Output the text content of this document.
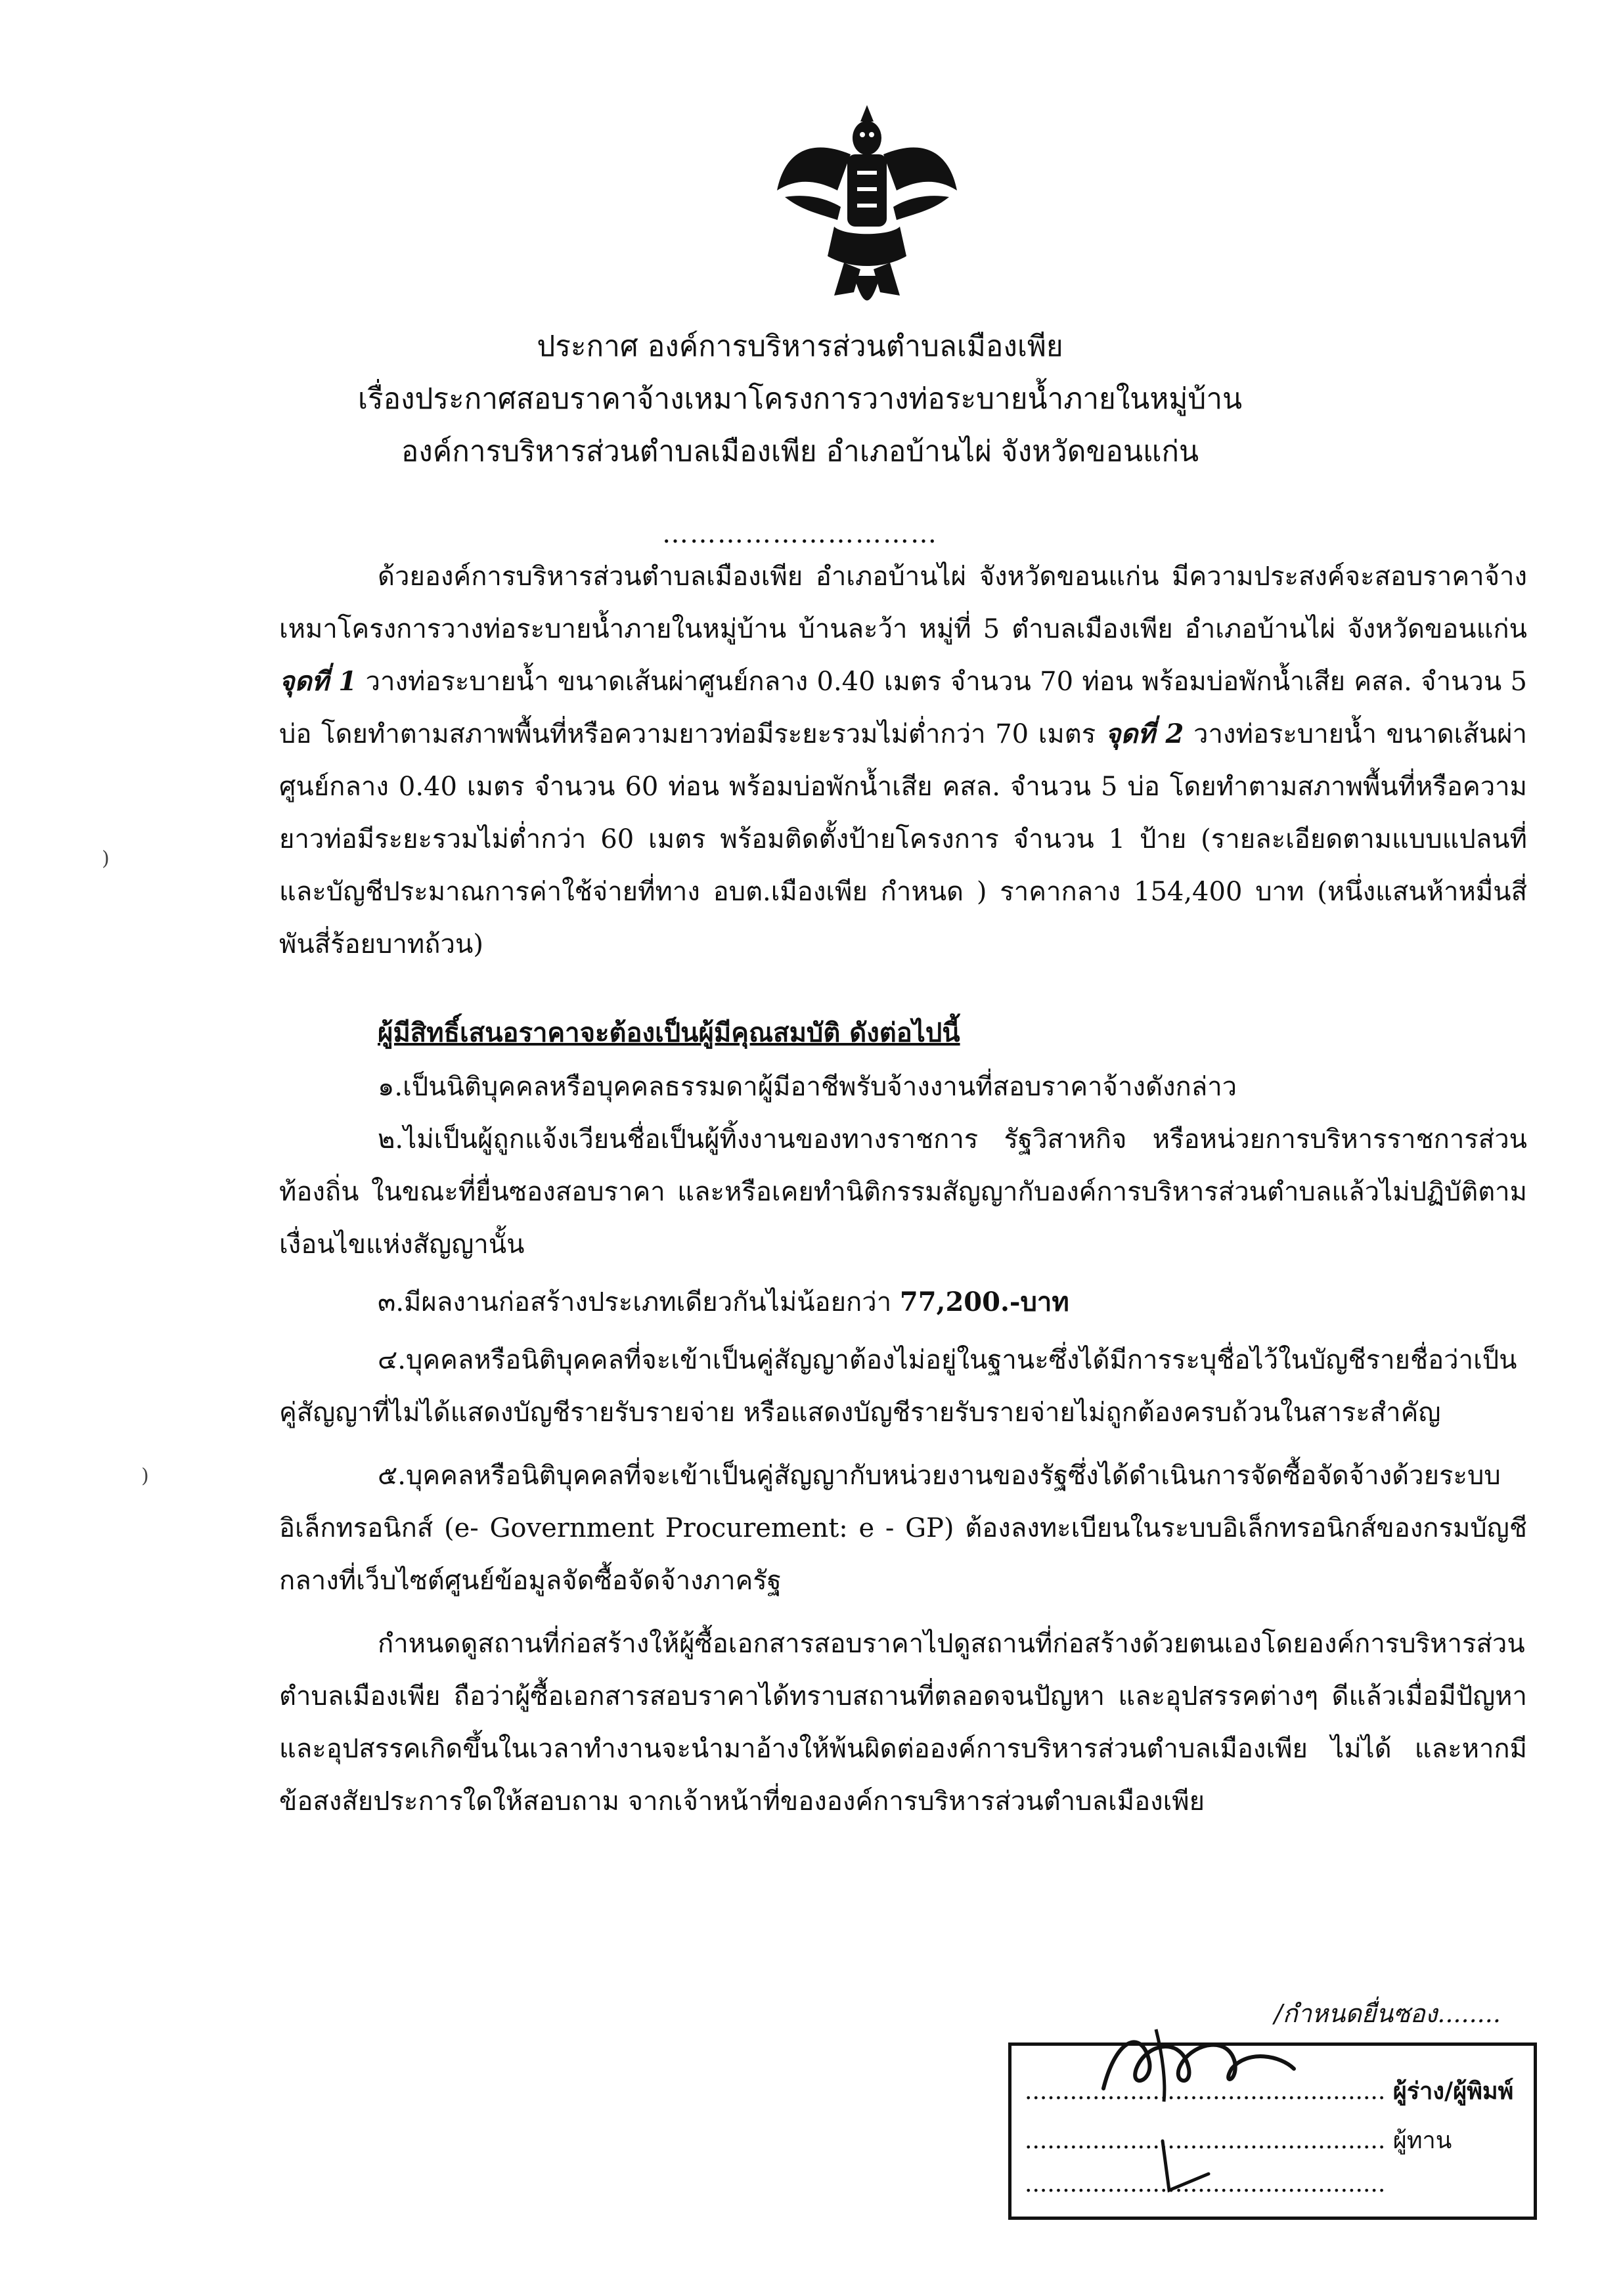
ประกาศ องค์การบริหารส่วนตำบลเมืองเพีย
เรื่องประกาศสอบราคาจ้างเหมาโครงการวางท่อระบายน้ำภายในหมู่บ้าน
องค์การบริหารส่วนตำบลเมืองเพีย อำเภอบ้านไผ่ จังหวัดขอนแก่น
…………………………

ด้วยองค์การบริหารส่วนตำบลเมืองเพีย อำเภอบ้านไผ่ จังหวัดขอนแก่น มีความประสงค์จะสอบราคาจ้างเหมาโครงการวางท่อระบายน้ำภายในหมู่บ้าน บ้านละว้า หมู่ที่ 5 ตำบลเมืองเพีย อำเภอบ้านไผ่ จังหวัดขอนแก่น จุดที่ 1 วางท่อระบายน้ำ ขนาดเส้นผ่าศูนย์กลาง 0.40 เมตร จำนวน 70 ท่อน พร้อมบ่อพักน้ำเสีย คสล. จำนวน 5 บ่อ โดยทำตามสภาพพื้นที่หรือความยาวท่อมีระยะรวมไม่ต่ำกว่า 70 เมตร จุดที่ 2 วางท่อระบายน้ำ ขนาดเส้นผ่าศูนย์กลาง 0.40 เมตร จำนวน 60 ท่อน พร้อมบ่อพักน้ำเสีย คสล. จำนวน 5 บ่อ โดยทำตามสภาพพื้นที่หรือความยาวท่อมีระยะรวมไม่ต่ำกว่า 60 เมตร พร้อมติดตั้งป้ายโครงการ จำนวน 1 ป้าย (รายละเอียดตามแบบแปลนที่ และบัญชีประมาณการค่าใช้จ่ายที่ทาง อบต.เมืองเพีย กำหนด ) ราคากลาง 154,400 บาท (หนึ่งแสนห้าหมื่นสี่พันสี่ร้อยบาทถ้วน)

ผู้มีสิทธิ์เสนอราคาจะต้องเป็นผู้มีคุณสมบัติ ดังต่อไปนี้

๑.เป็นนิติบุคคลหรือบุคคลธรรมดาผู้มีอาชีพรับจ้างงานที่สอบราคาจ้างดังกล่าว

๒.ไม่เป็นผู้ถูกแจ้งเวียนชื่อเป็นผู้ทิ้งงานของทางราชการ รัฐวิสาหกิจ หรือหน่วยการบริหารราชการส่วนท้องถิ่น ในขณะที่ยื่นซองสอบราคา และหรือเคยทำนิติกรรมสัญญากับองค์การบริหารส่วนตำบลแล้วไม่ปฏิบัติตามเงื่อนไขแห่งสัญญานั้น

๓.มีผลงานก่อสร้างประเภทเดียวกันไม่น้อยกว่า 77,200.-บาท

๔.บุคคลหรือนิติบุคคลที่จะเข้าเป็นคู่สัญญาต้องไม่อยู่ในฐานะซึ่งได้มีการระบุชื่อไว้ในบัญชีรายชื่อว่าเป็นคู่สัญญาที่ไม่ได้แสดงบัญชีรายรับรายจ่าย หรือแสดงบัญชีรายรับรายจ่ายไม่ถูกต้องครบถ้วนในสาระสำคัญ

๕.บุคคลหรือนิติบุคคลที่จะเข้าเป็นคู่สัญญากับหน่วยงานของรัฐซึ่งได้ดำเนินการจัดซื้อจัดจ้างด้วยระบบอิเล็กทรอนิกส์ (e- Government Procurement: e - GP) ต้องลงทะเบียนในระบบอิเล็กทรอนิกส์ของกรมบัญชีกลางที่เว็บไซต์ศูนย์ข้อมูลจัดซื้อจัดจ้างภาครัฐ

กำหนดดูสถานที่ก่อสร้างให้ผู้ซื้อเอกสารสอบราคาไปดูสถานที่ก่อสร้างด้วยตนเองโดยองค์การบริหารส่วนตำบลเมืองเพีย ถือว่าผู้ซื้อเอกสารสอบราคาได้ทราบสถานที่ตลอดจนปัญหา และอุปสรรคต่างๆ ดีแล้วเมื่อมีปัญหาและอุปสรรคเกิดขึ้นในเวลาทำงานจะนำมาอ้างให้พ้นผิดต่อองค์การบริหารส่วนตำบลเมืองเพีย ไม่ได้ และหากมีข้อสงสัยประการใดให้สอบถาม จากเจ้าหน้าที่ขององค์การบริหารส่วนตำบลเมืองเพีย

/กำหนดยื่นซอง........
................................................ ผู้ร่าง/ผู้พิมพ์
................................................ ผู้ทาน
................................................
)
)
